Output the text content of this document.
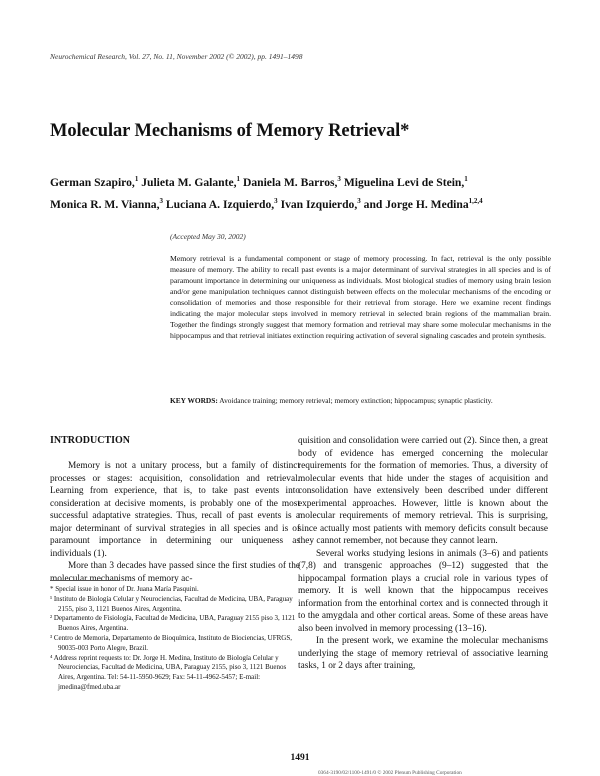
Neurochemical Research, Vol. 27, No. 11, November 2002 (© 2002), pp. 1491–1498
Molecular Mechanisms of Memory Retrieval*
German Szapiro,$^1$ Julieta M. Galante,$^1$ Daniela M. Barros,$^3$ Miguelina Levi de Stein,$^1$
Monica R. M. Vianna,$^3$ Luciana A. Izquierdo,$^3$ Ivan Izquierdo,$^3$ and Jorge H. Medina$^{1,2,4}$
(Accepted May 30, 2002)
Memory retrieval is a fundamental component or stage of memory processing. In fact, retrieval is the only possible measure of memory. The ability to recall past events is a major determinant of survival strategies in all species and is of paramount importance in determining our uniqueness as individuals. Most biological studies of memory using brain lesion and/or gene manipulation techniques cannot distinguish between effects on the molecular mechanisms of the encoding or consolidation of memories and those responsible for their retrieval from storage. Here we examine recent findings indicating the major molecular steps involved in memory retrieval in selected brain regions of the mammalian brain. Together the findings strongly suggest that memory formation and retrieval may share some molecular mechanisms in the hippocampus and that retrieval initiates extinction requiring activation of several signaling cascades and protein synthesis.
KEY WORDS: Avoidance training; memory retrieval; memory extinction; hippocampus; synaptic plasticity.
INTRODUCTION

Memory is not a unitary process, but a family of distinct processes or stages: acquisition, consolidation and retrieval. Learning from experience, that is, to take past events into consideration at decisive moments, is probably one of the most successful adaptative strategies. Thus, recall of past events is a major determinant of survival strategies in all species and is of paramount importance in determining our uniqueness as individuals (1).

More than 3 decades have passed since the first studies of the molecular mechanisms of memory ac-

* Special issue in honor of Dr. Juana María Pasquini.
¹ Instituto de Biología Celular y Neurociencias, Facultad de Medicina, UBA, Paraguay 2155, piso 3, 1121 Buenos Aires, Argentina.
² Departamento de Fisiología, Facultad de Medicina, UBA, Paraguay 2155 piso 3, 1121 Buenos Aires, Argentina.
³ Centro de Memoria, Departamento de Bioquímica, Instituto de Biociencias, UFRGS, 90035-003 Porto Alegre, Brazil.
⁴ Address reprint requests to: Dr. Jorge H. Medina, Instituto de Biología Celular y Neurociencias, Facultad de Medicina, UBA, Paraguay 2155, piso 3, 1121 Buenos Aires, Argentina. Tel: 54-11-5950-9629; Fax: 54-11-4962-5457; E-mail: jmedina@fmed.uba.ar

quisition and consolidation were carried out (2). Since then, a great body of evidence has emerged concerning the molecular requirements for the formation of memories. Thus, a diversity of molecular events that hide under the stages of acquisition and consolidation have extensively been described under different experimental approaches. However, little is known about the molecular requirements of memory retrieval. This is surprising, since actually most patients with memory deficits consult because they cannot remember, not because they cannot learn.

Several works studying lesions in animals (3–6) and patients (7,8) and transgenic approaches (9–12) suggested that the hippocampal formation plays a crucial role in various types of memory. It is well known that the hippocampus receives information from the entorhinal cortex and is connected through it to the amygdala and other cortical areas. Some of these areas have also been involved in memory processing (13–16).

In the present work, we examine the molecular mechanisms underlying the stage of memory retrieval of associative learning tasks, 1 or 2 days after training,

1491
0364-3190/02/1100-1491/0 © 2002 Plenum Publishing Corporation
